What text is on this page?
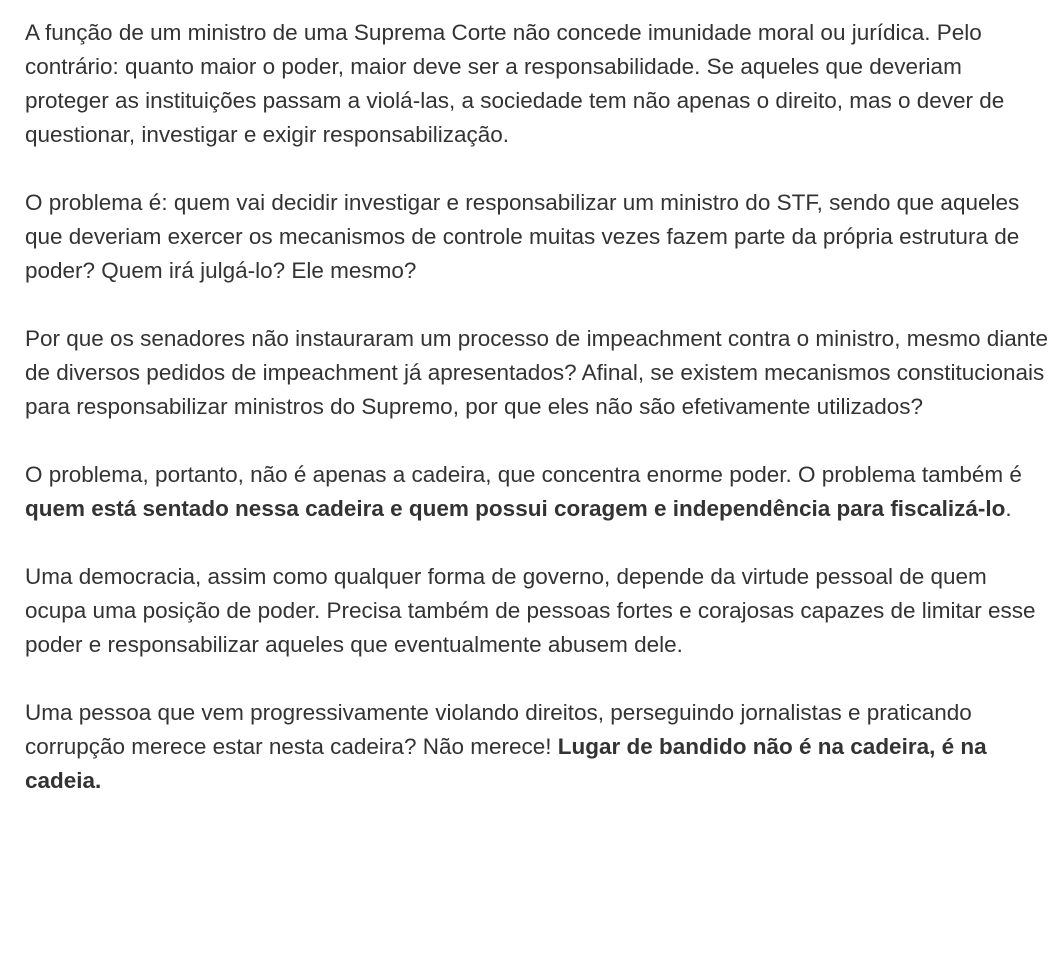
A função de um ministro de uma Suprema Corte não concede imunidade moral ou jurídica. Pelo contrário: quanto maior o poder, maior deve ser a responsabilidade. Se aqueles que deveriam proteger as instituições passam a violá-las, a sociedade tem não apenas o direito, mas o dever de questionar, investigar e exigir responsabilização.

O problema é: quem vai decidir investigar e responsabilizar um ministro do STF, sendo que aqueles que deveriam exercer os mecanismos de controle muitas vezes fazem parte da própria estrutura de poder? Quem irá julgá-lo? Ele mesmo?

Por que os senadores não instauraram um processo de impeachment contra o ministro, mesmo diante de diversos pedidos de impeachment já apresentados? Afinal, se existem mecanismos constitucionais para responsabilizar ministros do Supremo, por que eles não são efetivamente utilizados?

O problema, portanto, não é apenas a cadeira, que concentra enorme poder. O problema também é quem está sentado nessa cadeira e quem possui coragem e independência para fiscalizá-lo.

Uma democracia, assim como qualquer forma de governo, depende da virtude pessoal de quem ocupa uma posição de poder. Precisa também de pessoas fortes e corajosas capazes de limitar esse poder e responsabilizar aqueles que eventualmente abusem dele.

Uma pessoa que vem progressivamente violando direitos, perseguindo jornalistas e praticando corrupção merece estar nesta cadeira? Não merece! Lugar de bandido não é na cadeira, é na cadeia.
